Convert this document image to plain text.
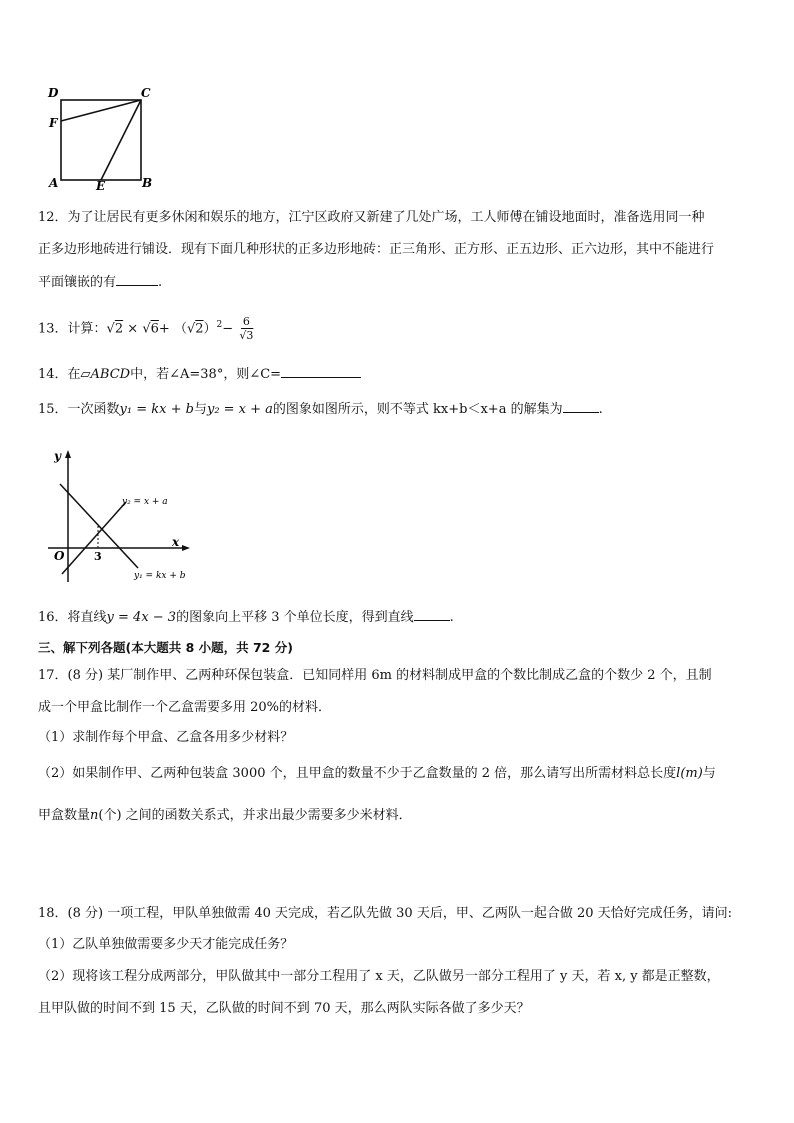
D	C
F
A	E	B
12．为了让居民有更多休闲和娱乐的地方，江宁区政府又新建了几处广场，工人师傅在铺设地面时，准备选用同一种
正多边形地砖进行铺设．现有下面几种形状的正多边形地砖：正三角形、正方形、正五边形、正六边形，其中不能进行
平面镶嵌的有	.
13．计算：$√2 \times √6+ (√2)^2- \frac{6}{√3}$
14．在▱ABCD中，若∠A=38°，则∠C=
15．一次函数y₁ = kx + b与y₂ = x + a的图象如图所示，则不等式 kx+b＜x+a 的解集为	.
y
x
O	3
y₂ = x + a
y₁ = kx + b
16．将直线y = 4x − 3的图象向上平移 3 个单位长度，得到直线	.
三、解下列各题(本大题共 8 小题，共 72 分)
17．(8 分) 某厂制作甲、乙两种环保包装盒．已知同样用 6m 的材料制成甲盒的个数比制成乙盒的个数少 2 个，且制
成一个甲盒比制作一个乙盒需要多用 20%的材料．
（1）求制作每个甲盒、乙盒各用多少材料？
（2）如果制作甲、乙两种包装盒 3000 个，且甲盒的数量不少于乙盒数量的 2 倍，那么请写出所需材料总长度l(m)与
甲盒数量n(个) 之间的函数关系式，并求出最少需要多少米材料．
18．(8 分) 一项工程，甲队单独做需 40 天完成，若乙队先做 30 天后，甲、乙两队一起合做 20 天恰好完成任务，请问:
（1）乙队单独做需要多少天才能完成任务？
（2）现将该工程分成两部分，甲队做其中一部分工程用了 x 天，乙队做另一部分工程用了 y 天，若 x, y 都是正整数，
且甲队做的时间不到 15 天，乙队做的时间不到 70 天，那么两队实际各做了多少天？
